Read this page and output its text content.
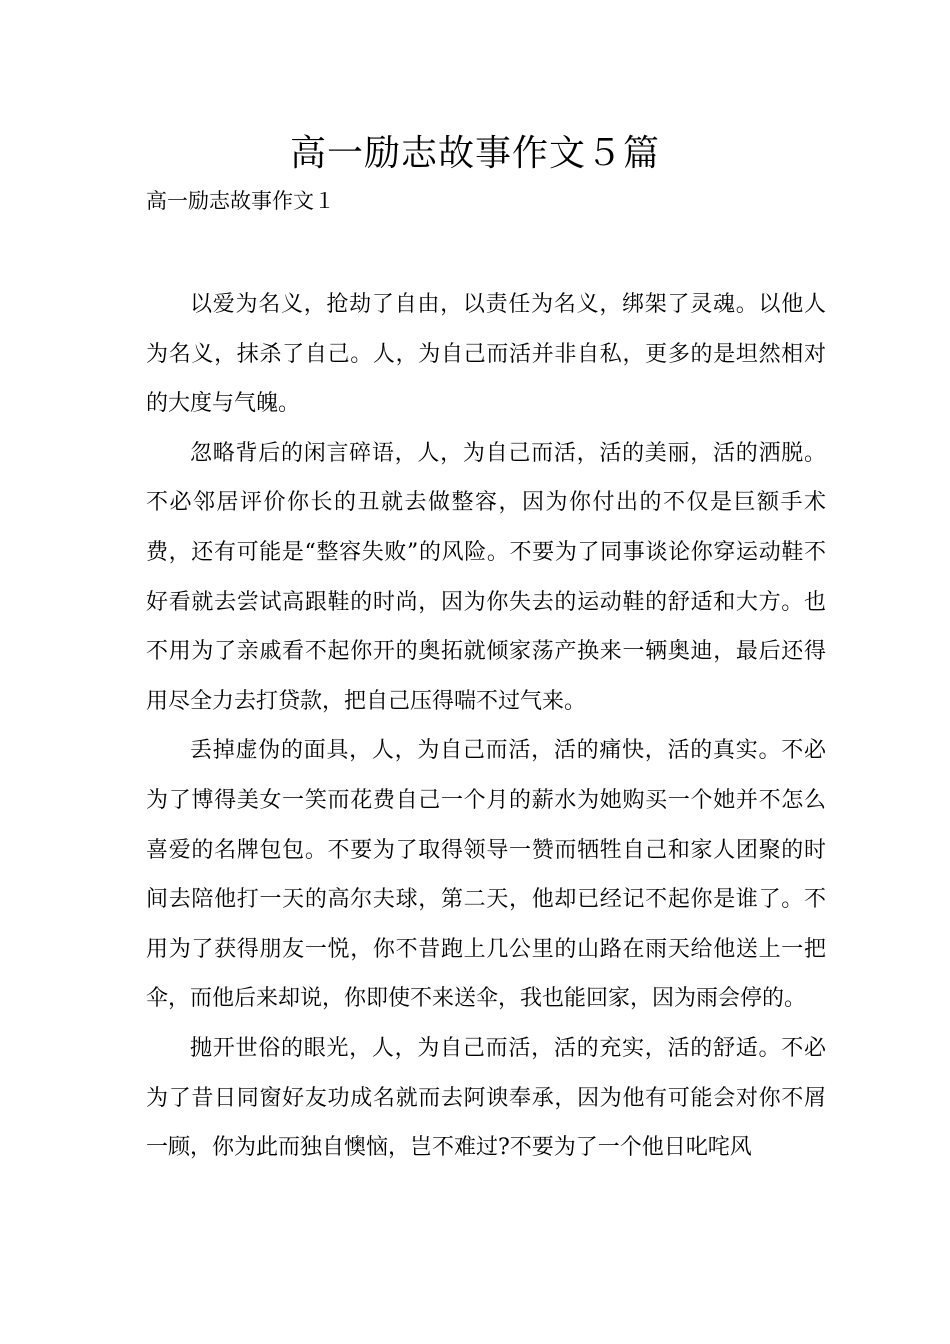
高一励志故事作文５篇
高一励志故事作文１

以爱为名义，抢劫了自由，以责任为名义，绑架了灵魂。以他人为名义，抹杀了自己。人，为自己而活并非自私，更多的是坦然相对的大度与气魄。

忽略背后的闲言碎语，人，为自己而活，活的美丽，活的洒脱。不必邻居评价你长的丑就去做整容，因为你付出的不仅是巨额手术费，还有可能是“整容失败”的风险。不要为了同事谈论你穿运动鞋不好看就去尝试高跟鞋的时尚，因为你失去的运动鞋的舒适和大方。也不用为了亲戚看不起你开的奥拓就倾家荡产换来一辆奥迪，最后还得用尽全力去打贷款，把自己压得喘不过气来。

丢掉虚伪的面具，人，为自己而活，活的痛快，活的真实。不必为了博得美女一笑而花费自己一个月的薪水为她购买一个她并不怎么喜爱的名牌包包。不要为了取得领导一赞而牺牲自己和家人团聚的时间去陪他打一天的高尔夫球，第二天，他却已经记不起你是谁了。不用为了获得朋友一悦，你不昔跑上几公里的山路在雨天给他送上一把伞，而他后来却说，你即使不来送伞，我也能回家，因为雨会停的。

抛开世俗的眼光，人，为自己而活，活的充实，活的舒适。不必为了昔日同窗好友功成名就而去阿谀奉承，因为他有可能会对你不屑一顾，你为此而独自懊恼，岂不难过?不要为了一个他日叱咤风
